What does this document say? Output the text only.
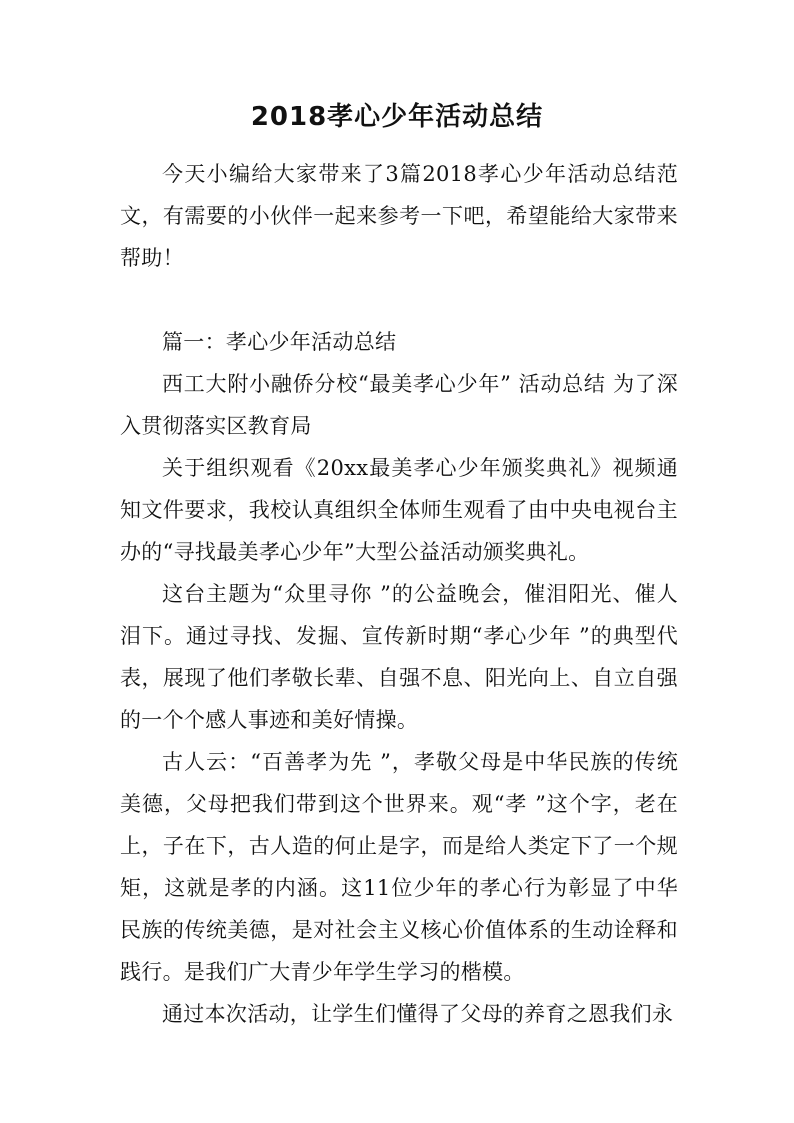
2018孝心少年活动总结

今天小编给大家带来了3篇2018孝心少年活动总结范文，有需要的小伙伴一起来参考一下吧，希望能给大家带来帮助！

篇一：孝心少年活动总结

西工大附小融侨分校“最美孝心少年” 活动总结 为了深入贯彻落实区教育局

关于组织观看《20xx最美孝心少年颁奖典礼》视频通知文件要求，我校认真组织全体师生观看了由中央电视台主办的“寻找最美孝心少年”大型公益活动颁奖典礼。

这台主题为“众里寻你 ”的公益晚会，催泪阳光、催人泪下。通过寻找、发掘、宣传新时期“孝心少年 ”的典型代表，展现了他们孝敬长辈、自强不息、阳光向上、自立自强的一个个感人事迹和美好情操。

古人云：“百善孝为先 ”，孝敬父母是中华民族的传统美德，父母把我们带到这个世界来。观“孝 ”这个字，老在上，子在下，古人造的何止是字，而是给人类定下了一个规矩，这就是孝的内涵。这11位少年的孝心行为彰显了中华民族的传统美德，是对社会主义核心价值体系的生动诠释和践行。是我们广大青少年学生学习的楷模。

通过本次活动，让学生们懂得了父母的养育之恩我们永
